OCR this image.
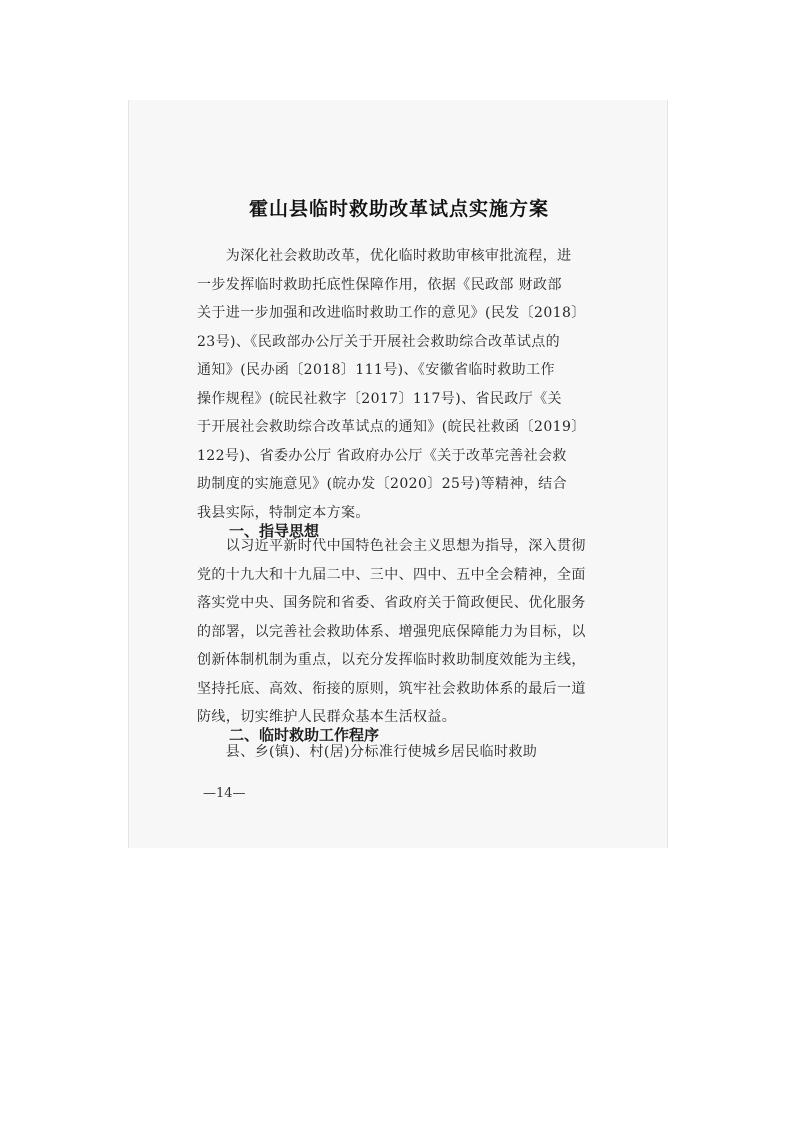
霍山县临时救助改革试点实施方案
　　为深化社会救助改革，优化临时救助审核审批流程，进
一步发挥临时救助托底性保障作用，依据《民政部 财政部
关于进一步加强和改进临时救助工作的意见》(民发〔2018〕
23号)、《民政部办公厅关于开展社会救助综合改革试点的
通知》(民办函〔2018〕111号)、《安徽省临时救助工作
操作规程》(皖民社救字〔2017〕117号)、省民政厅《关
于开展社会救助综合改革试点的通知》(皖民社救函〔2019〕
122号)、省委办公厅 省政府办公厅《关于改革完善社会救
助制度的实施意见》(皖办发〔2020〕25号)等精神，结合
我县实际，特制定本方案。
一、指导思想
　　以习近平新时代中国特色社会主义思想为指导，深入贯彻
党的十九大和十九届二中、三中、四中、五中全会精神，全面
落实党中央、国务院和省委、省政府关于简政便民、优化服务
的部署，以完善社会救助体系、增强兜底保障能力为目标，以
创新体制机制为重点，以充分发挥临时救助制度效能为主线，
坚持托底、高效、衔接的原则，筑牢社会救助体系的最后一道
防线，切实维护人民群众基本生活权益。
二、临时救助工作程序
　　县、乡(镇)、村(居)分标准行使城乡居民临时救助
—14—
